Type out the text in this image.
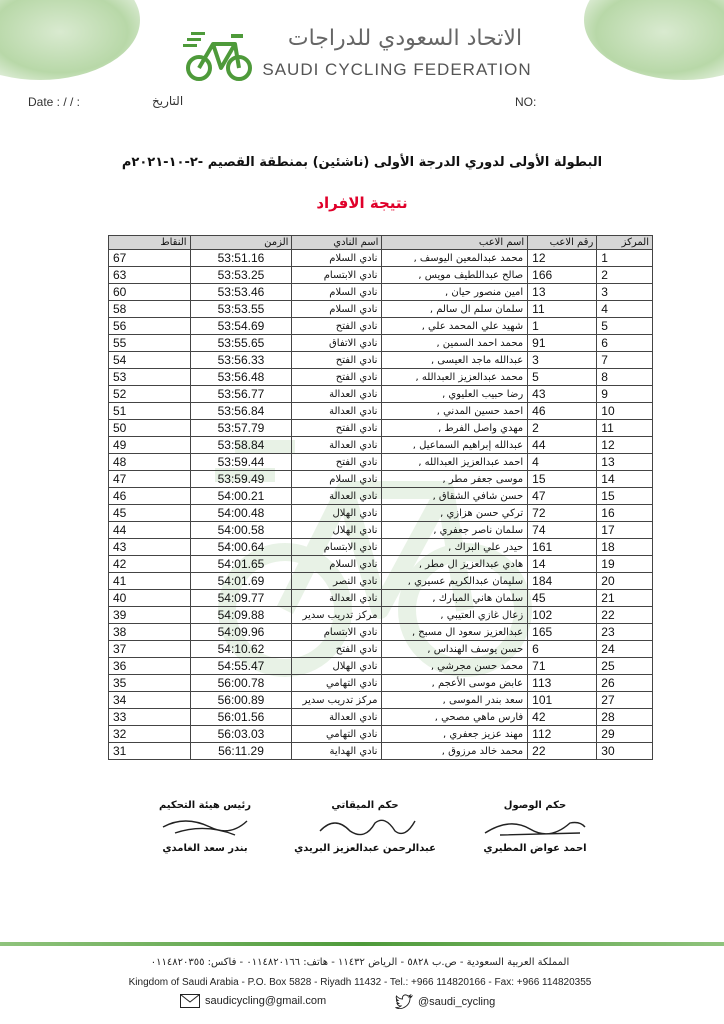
الاتحاد السعودي للدراجات
SAUDI CYCLING FEDERATION
Date : / / :	التاريخ	NO:
البطولة الأولى لدوري الدرجة الأولى (ناشئين) بمنطقة القصيم -٢-١٠-٢٠٢١م
نتيجة الافراد
المركز	رقم الاعب	اسم الاعب	اسم النادي	الزمن	النقاط
1	12	محمد عبدالمعين اليوسف ,	نادي السلام	53:51.16	67
2	166	صالح عبداللطيف مويس ,	نادي الابتسام	53:53.25	63
3	13	امين منصور حيان ,	نادي السلام	53:53.46	60
4	11	سلمان سلم ال سالم ,	نادي السلام	53:53.55	58
5	1	شهيد علي المحمد علي ,	نادي الفتح	53:54.69	56
6	91	محمد احمد السمين ,	نادي الاتفاق	53:55.65	55
7	3	عبدالله ماجد العيسى ,	نادي الفتح	53:56.33	54
8	5	محمد عبدالعزيز العبدالله ,	نادي الفتح	53:56.48	53
9	43	رضا حبيب العليوي ,	نادي العدالة	53:56.77	52
10	46	احمد حسين المدني ,	نادي العدالة	53:56.84	51
11	2	مهدي واصل الفرط ,	نادي الفتح	53:57.79	50
12	44	عبدالله إبراهيم السماعيل ,	نادي العدالة	53:58.84	49
13	4	احمد عبدالعزيز العبدالله ,	نادي الفتح	53:59.44	48
14	15	موسى جعفر مطر ,	نادي السلام	53:59.49	47
15	47	حسن شافي الشقاق ,	نادي العدالة	54:00.21	46
16	72	تركي حسن هزازي ,	نادي الهلال	54:00.48	45
17	74	سلمان ناصر جعفري ,	نادي الهلال	54:00.58	44
18	161	حيدر علي البراك ,	نادي الابتسام	54:00.64	43
19	14	هادي عبدالعزيز ال مطر ,	نادي السلام	54:01.65	42
20	184	سليمان عبدالكريم عسيري ,	نادي النصر	54:01.69	41
21	45	سلمان هاني المبارك ,	نادي العدالة	54:09.77	40
22	102	زعال غازي العتيبي ,	مركز تدريب سدير	54:09.88	39
23	165	عبدالعزيز سعود ال مسبح ,	نادي الابتسام	54:09.96	38
24	6	حسن يوسف الهنداس ,	نادي الفتح	54:10.62	37
25	71	محمد حسن مجرشي ,	نادي الهلال	54:55.47	36
26	113	عابض موسى الأعجم ,	نادي التهامي	56:00.78	35
27	101	سعد بندر الموسى ,	مركز تدريب سدير	56:00.89	34
28	42	فارس ماهي مصحي ,	نادي العدالة	56:01.56	33
29	112	مهند عزيز جعفري ,	نادي التهامي	56:03.03	32
30	22	محمد خالد مرزوق ,	نادي الهداية	56:11.29	31
حكم الوصول
احمد عواض المطيري
حكم الميقاتي
عبدالرحمن عبدالعزيز البريدي
رئيس هيئة التحكيم
بندر سعد الغامدي
المملكة العربية السعودية - ص.ب ٥٨٢٨ - الرياض ١١٤٣٢ - هاتف: ٠١١٤٨٢٠١٦٦ - فاكس: ٠١١٤٨٢٠٣٥٥
Kingdom of Saudi Arabia - P.O. Box 5828 - Riyadh 11432 - Tel.: +966 114820166 - Fax: +966 114820355
saudicycling@gmail.com	@saudi_cycling
